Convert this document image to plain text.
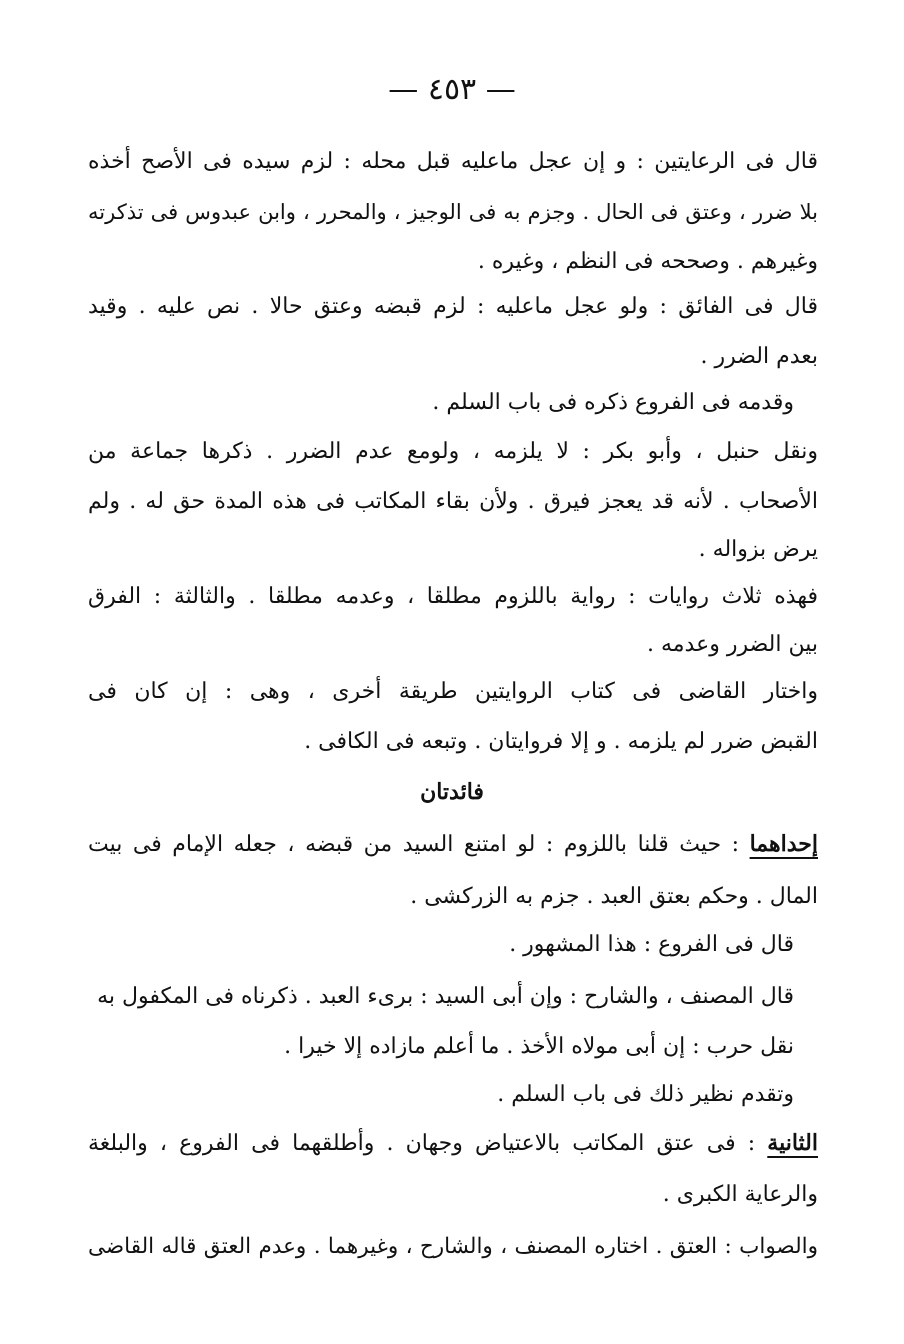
— ٤٥٣ —
قال فى الرعايتين : و إن عجل ماعليه قبل محله : لزم سيده فى الأصح أخذه
بلا ضرر ، وعتق فى الحال . وجزم به فى الوجيز ، والمحرر ، وابن عبدوس فى تذكرته
وغيرهم . وصححه فى النظم ، وغيره .
قال فى الفائق : ولو عجل ماعليه : لزم قبضه وعتق حالا . نص عليه . وقيد
بعدم الضرر .
وقدمه فى الفروع ذكره فى باب السلم .
ونقل حنبل ، وأبو بكر : لا يلزمه ، ولومع عدم الضرر . ذكرها جماعة من
الأصحاب . لأنه قد يعجز فيرق . ولأن بقاء المكاتب فى هذه المدة حق له . ولم
يرض بزواله .
فهذه ثلاث روايات : رواية باللزوم مطلقا ، وعدمه مطلقا . والثالثة : الفرق
بين الضرر وعدمه .
واختار القاضى فى كتاب الروايتين طريقة أخرى ، وهى : إن كان فى
القبض ضرر لم يلزمه . و إلا فروايتان . وتبعه فى الكافى .
فائدتان
إحداهما : حيث قلنا باللزوم : لو امتنع السيد من قبضه ، جعله الإمام فى بيت
المال . وحكم بعتق العبد . جزم به الزركشى .
قال فى الفروع : هذا المشهور .
قال المصنف ، والشارح : وإن أبى السيد : برىء العبد . ذكرناه فى المكفول به
نقل حرب : إن أبى مولاه الأخذ . ما أعلم مازاده إلا خيرا .
وتقدم نظير ذلك فى باب السلم .
الثانية : فى عتق المكاتب بالاعتياض وجهان . وأطلقهما فى الفروع ، والبلغة
والرعاية الكبرى .
والصواب : العتق . اختاره المصنف ، والشارح ، وغيرهما . وعدم العتق قاله القاضى
